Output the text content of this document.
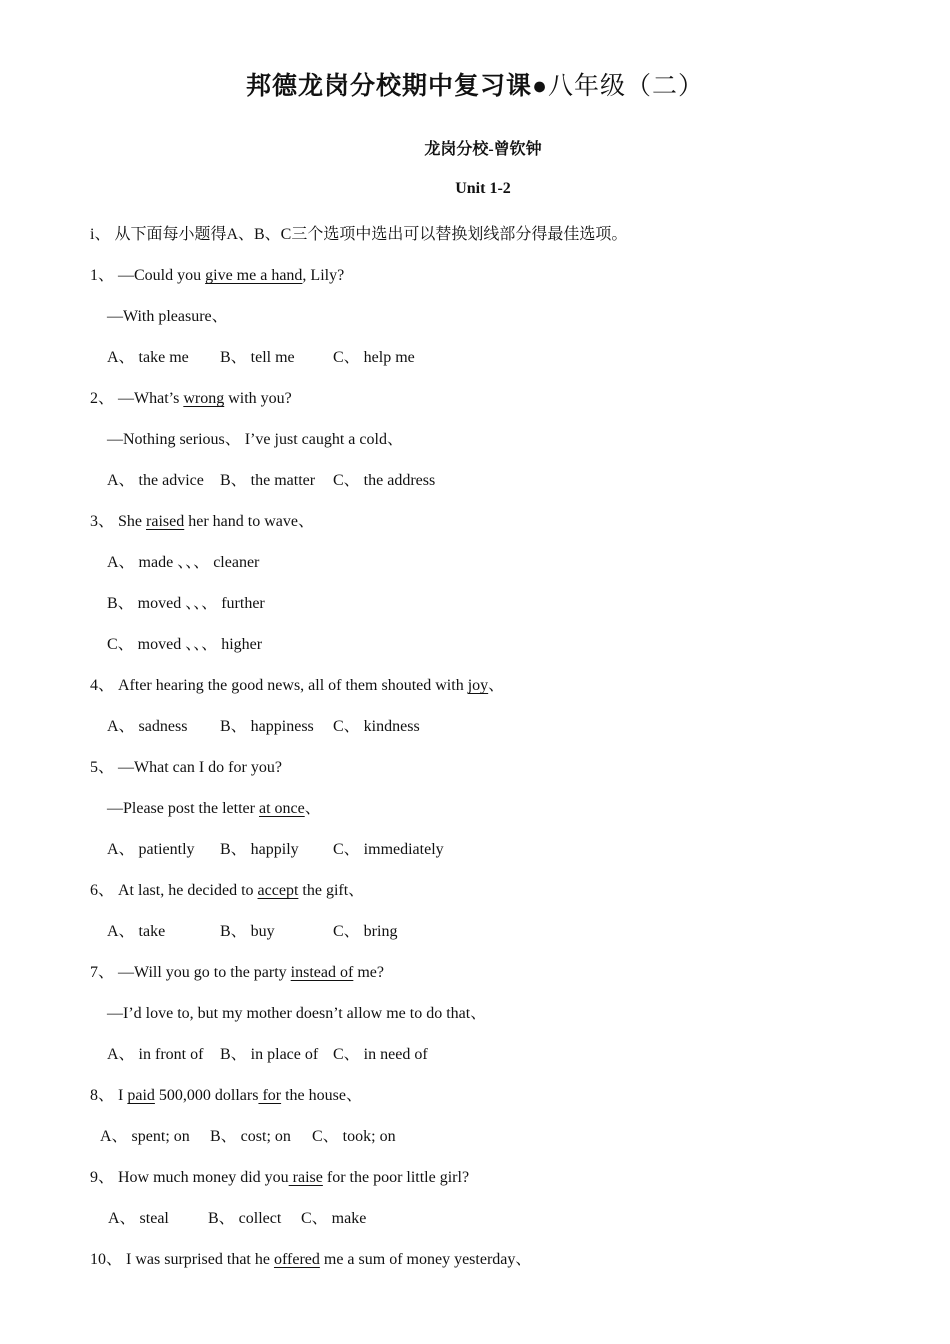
邦德龙岗分校期中复习课●八年级（二）
龙岗分校-曾钦钟
Unit 1-2
i、 从下面每小题得A、B、C三个选项中选出可以替换划线部分得最佳选项。
1、 —Could you give me a hand, Lily?
—With pleasure、
A、 take me B、 tell me C、 help me
2、 —What’s wrong with you?
—Nothing serious、 I’ve just caught a cold、
A、 the advice B、 the matter C、 the address
3、 She raised her hand to wave、
A、 made 、、、 cleaner
B、 moved 、、、 further
C、 moved 、、、 higher
4、 After hearing the good news, all of them shouted with joy、
A、 sadness B、 happiness C、 kindness
5、 —What can I do for you?
—Please post the letter at once、
A、 patiently B、 happily C、 immediately
6、 At last, he decided to accept the gift、
A、 take	B、 buy	C、 bring
7、 —Will you go to the party instead of me?
—I’d love to, but my mother doesn’t allow me to do that、
A、 in front of B、 in place of C、 in need of
8、 I paid 500,000 dollars for the house、
A、 spent; on B、 cost; on C、 took; on
9、 How much money did you raise for the poor little girl?
A、 steal B、 collect C、 make
10、 I was surprised that he offered me a sum of money yesterday、
